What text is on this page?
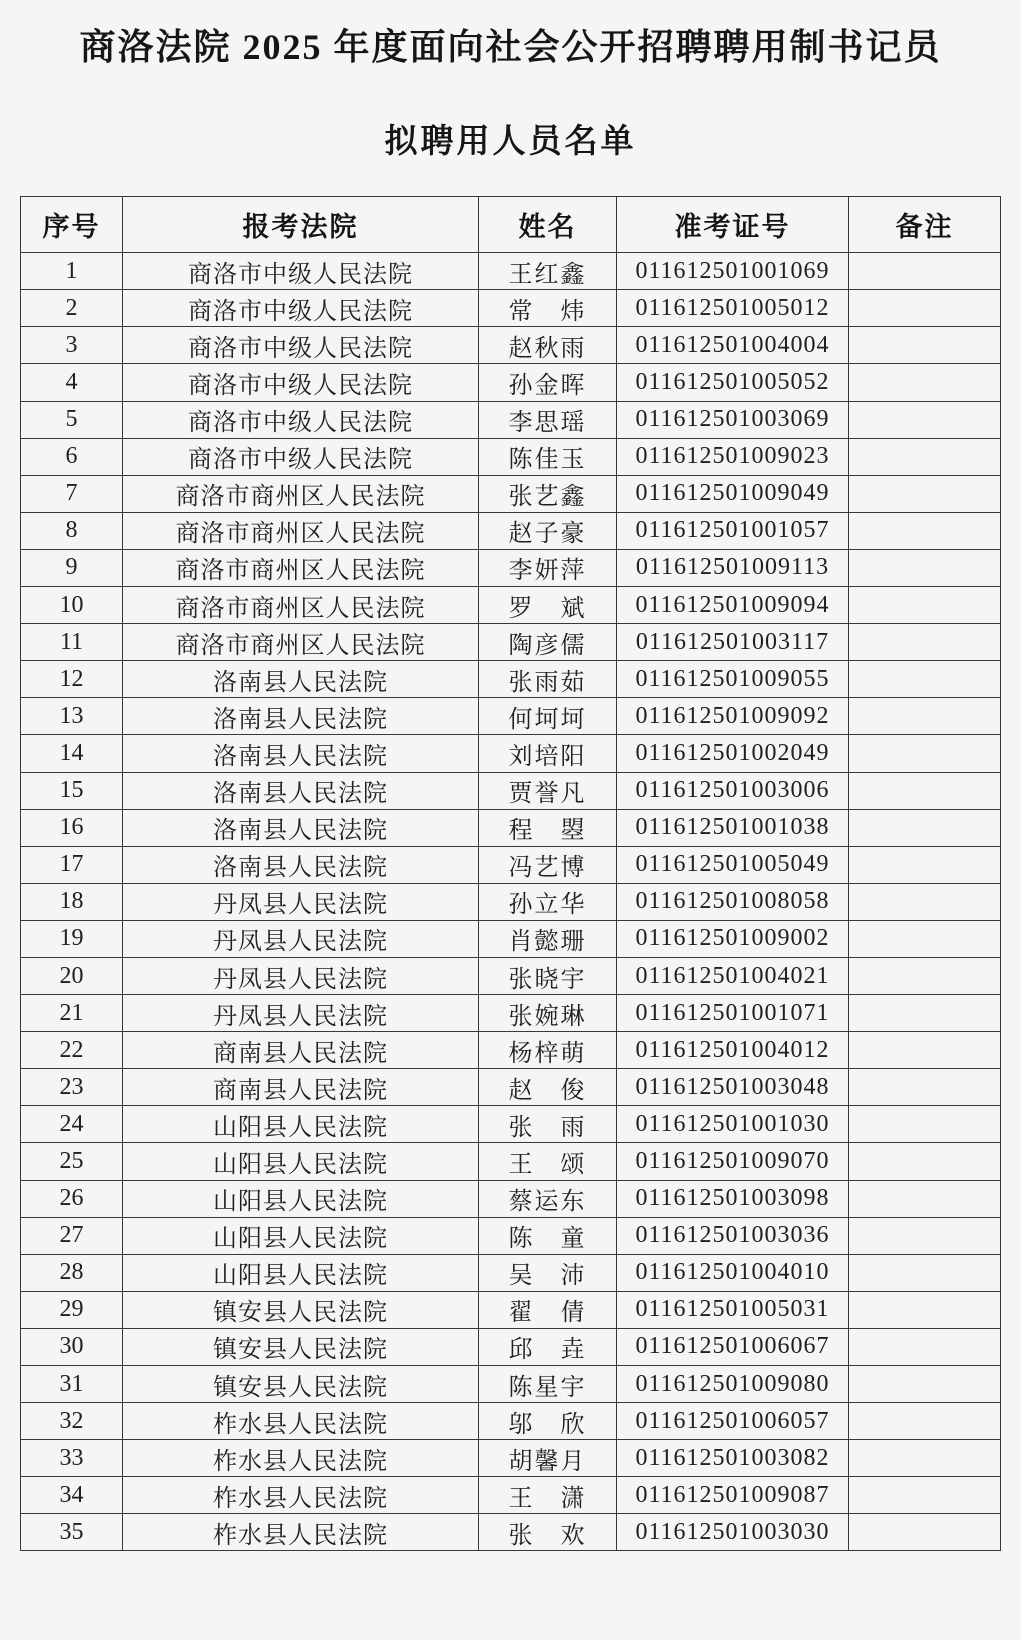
商洛法院 2025 年度面向社会公开招聘聘用制书记员
拟聘用人员名单
序号	报考法院	姓名	准考证号	备注
1	商洛市中级人民法院	王红鑫	011612501001069	
2	商洛市中级人民法院	常　炜	011612501005012	
3	商洛市中级人民法院	赵秋雨	011612501004004	
4	商洛市中级人民法院	孙金晖	011612501005052	
5	商洛市中级人民法院	李思瑶	011612501003069	
6	商洛市中级人民法院	陈佳玉	011612501009023	
7	商洛市商州区人民法院	张艺鑫	011612501009049	
8	商洛市商州区人民法院	赵子豪	011612501001057	
9	商洛市商州区人民法院	李妍萍	011612501009113	
10	商洛市商州区人民法院	罗　斌	011612501009094	
11	商洛市商州区人民法院	陶彦儒	011612501003117	
12	洛南县人民法院	张雨茹	011612501009055	
13	洛南县人民法院	何坷坷	011612501009092	
14	洛南县人民法院	刘培阳	011612501002049	
15	洛南县人民法院	贾誉凡	011612501003006	
16	洛南县人民法院	程　曌	011612501001038	
17	洛南县人民法院	冯艺博	011612501005049	
18	丹凤县人民法院	孙立华	011612501008058	
19	丹凤县人民法院	肖懿珊	011612501009002	
20	丹凤县人民法院	张晓宇	011612501004021	
21	丹凤县人民法院	张婉琳	011612501001071	
22	商南县人民法院	杨梓萌	011612501004012	
23	商南县人民法院	赵　俊	011612501003048	
24	山阳县人民法院	张　雨	011612501001030	
25	山阳县人民法院	王　颂	011612501009070	
26	山阳县人民法院	蔡运东	011612501003098	
27	山阳县人民法院	陈　童	011612501003036	
28	山阳县人民法院	吴　沛	011612501004010	
29	镇安县人民法院	翟　倩	011612501005031	
30	镇安县人民法院	邱　垚	011612501006067	
31	镇安县人民法院	陈星宇	011612501009080	
32	柞水县人民法院	邬　欣	011612501006057	
33	柞水县人民法院	胡馨月	011612501003082	
34	柞水县人民法院	王　潇	011612501009087	
35	柞水县人民法院	张　欢	011612501003030	
